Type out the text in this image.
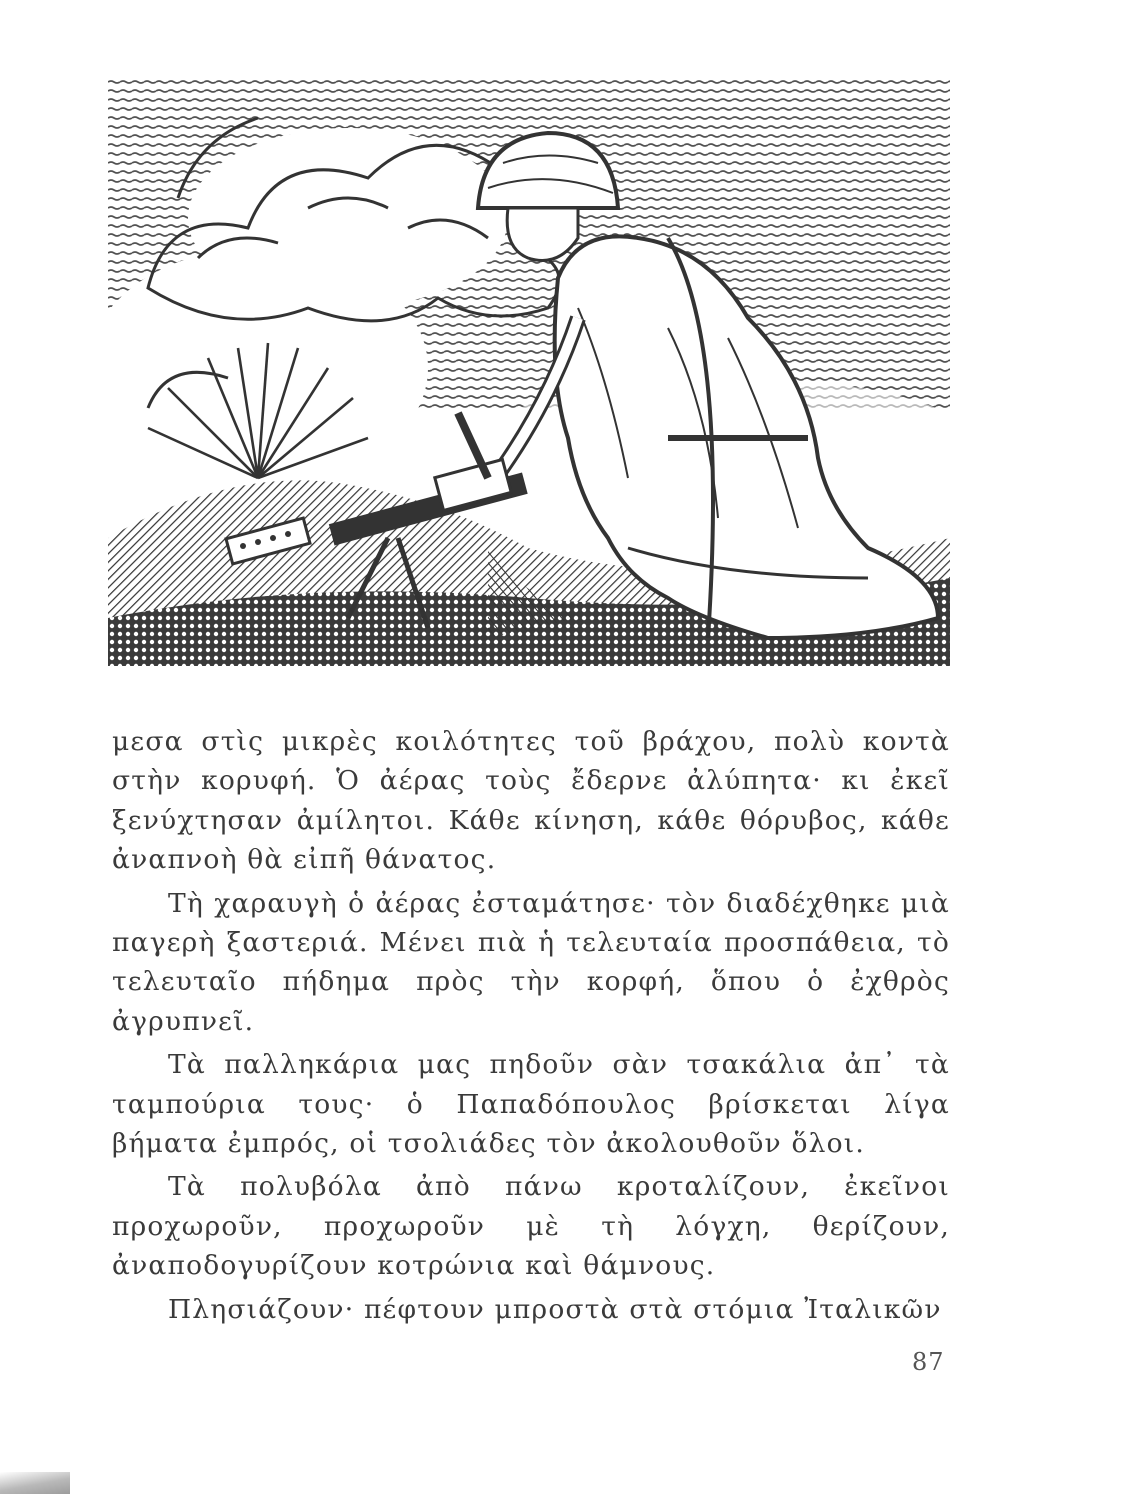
μεσα στὶς μικρὲς κοιλότητες τοῦ βράχου, πολὺ κοντὰ στὴν κορυφή. Ὁ ἀέρας τοὺς ἔδερνε ἀλύπητα· κι ἐκεῖ ξενύχτησαν ἀμίλητοι. Κάθε κίνηση, κάθε θόρυβος, κάθε ἀναπνοὴ θὰ εἰπῆ θάνατος.

Τὴ χαραυγὴ ὁ ἀέρας ἐσταμάτησε· τὸν διαδέχθηκε μιὰ παγερὴ ξαστεριά. Μένει πιὰ ἡ τελευταία προσπάθεια, τὸ τελευταῖο πήδημα πρὸς τὴν κορφή, ὅπου ὁ ἐχθρὸς ἀγρυπνεῖ.

Τὰ παλληκάρια μας πηδοῦν σὰν τσακάλια ἀπ᾽ τὰ ταμπούρια τους· ὁ Παπαδόπουλος βρίσκεται λίγα βήματα ἐμπρός, οἱ τσολιάδες τὸν ἀκολουθοῦν ὅλοι.

Τὰ πολυβόλα ἀπὸ πάνω κροταλίζουν, ἐκεῖνοι προχωροῦν, προχωροῦν μὲ τὴ λόγχη, θερίζουν, ἀναποδογυρίζουν κοτρώνια καὶ θάμνους.

Πλησιάζουν· πέφτουν μπροστὰ στὰ στόμια Ἰταλικῶν

87
